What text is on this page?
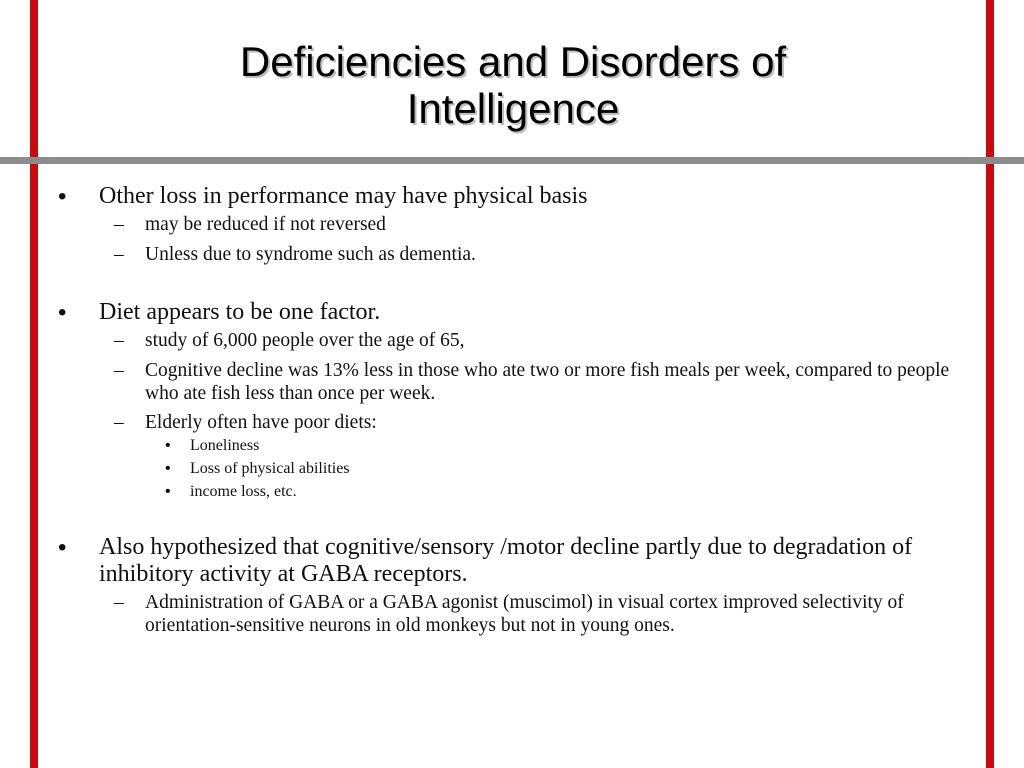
Deficiencies and Disorders of
Intelligence
• Other loss in performance may have physical basis
– may be reduced if not reversed
– Unless due to syndrome such as dementia.
• Diet appears to be one factor.
– study of 6,000 people over the age of 65,
– Cognitive decline was 13% less in those who ate two or more fish meals per week, compared to people who ate fish less than once per week.
– Elderly often have poor diets:
• Loneliness
• Loss of physical abilities
• income loss, etc.
• Also hypothesized that cognitive/sensory /motor decline partly due to degradation of inhibitory activity at GABA receptors.
– Administration of GABA or a GABA agonist (muscimol) in visual cortex improved selectivity of orientation-sensitive neurons in old monkeys but not in young ones.
